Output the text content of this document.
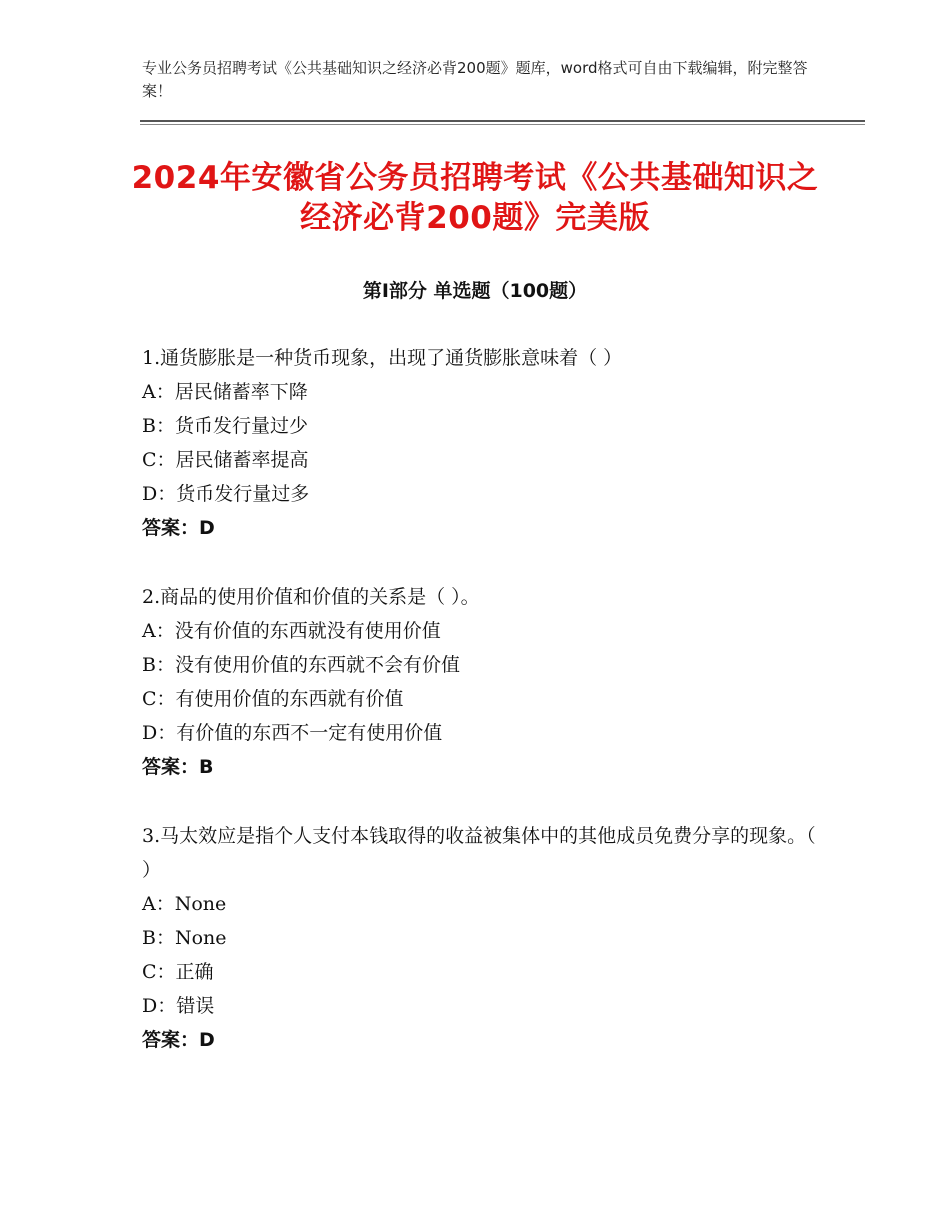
专业公务员招聘考试《公共基础知识之经济必背200题》题库，word格式可自由下载编辑，附完整答案！
2024年安徽省公务员招聘考试《公共基础知识之经济必背200题》完美版
第Ⅰ部分 单选题（100题）
1.通货膨胀是一种货币现象，出现了通货膨胀意味着（ ）
A：居民储蓄率下降
B：货币发行量过少
C：居民储蓄率提高
D：货币发行量过多
答案：D
2.商品的使用价值和价值的关系是（ ）。
A：没有价值的东西就没有使用价值
B：没有使用价值的东西就不会有价值
C：有使用价值的东西就有价值
D：有价值的东西不一定有使用价值
答案：B
3.马太效应是指个人支付本钱取得的收益被集体中的其他成员免费分享的现象。（ ）
A：None
B：None
C：正确
D：错误
答案：D
